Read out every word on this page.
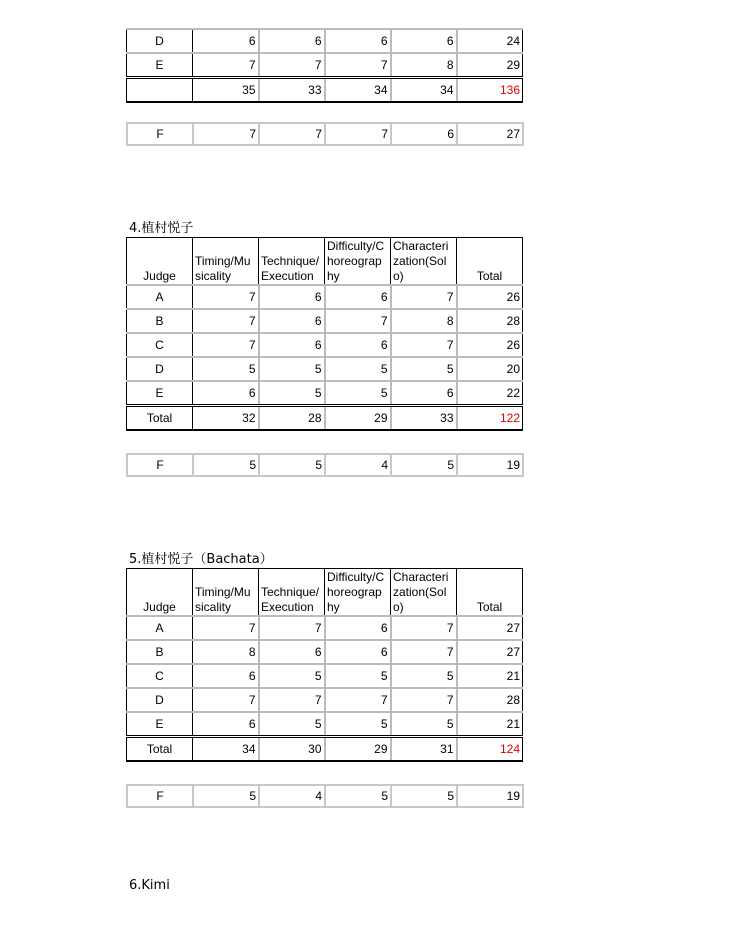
D	6	6	6	6	24
E	7	7	7	8	29
	35	33	34	34	136
F	7	7	7	6	27
4.植村悦子
Judge	Timing/Musicality	Technique/Execution	Difficulty/Choreography	Characterization(Solo)	Total
A	7	6	6	7	26
B	7	6	7	8	28
C	7	6	6	7	26
D	5	5	5	5	20
E	6	5	5	6	22
Total	32	28	29	33	122
F	5	5	4	5	19
5.植村悦子（Bachata）
Judge	Timing/Musicality	Technique/Execution	Difficulty/Choreography	Characterization(Solo)	Total
A	7	7	6	7	27
B	8	6	6	7	27
C	6	5	5	5	21
D	7	7	7	7	28
E	6	5	5	5	21
Total	34	30	29	31	124
F	5	4	5	5	19
6.Kimi
